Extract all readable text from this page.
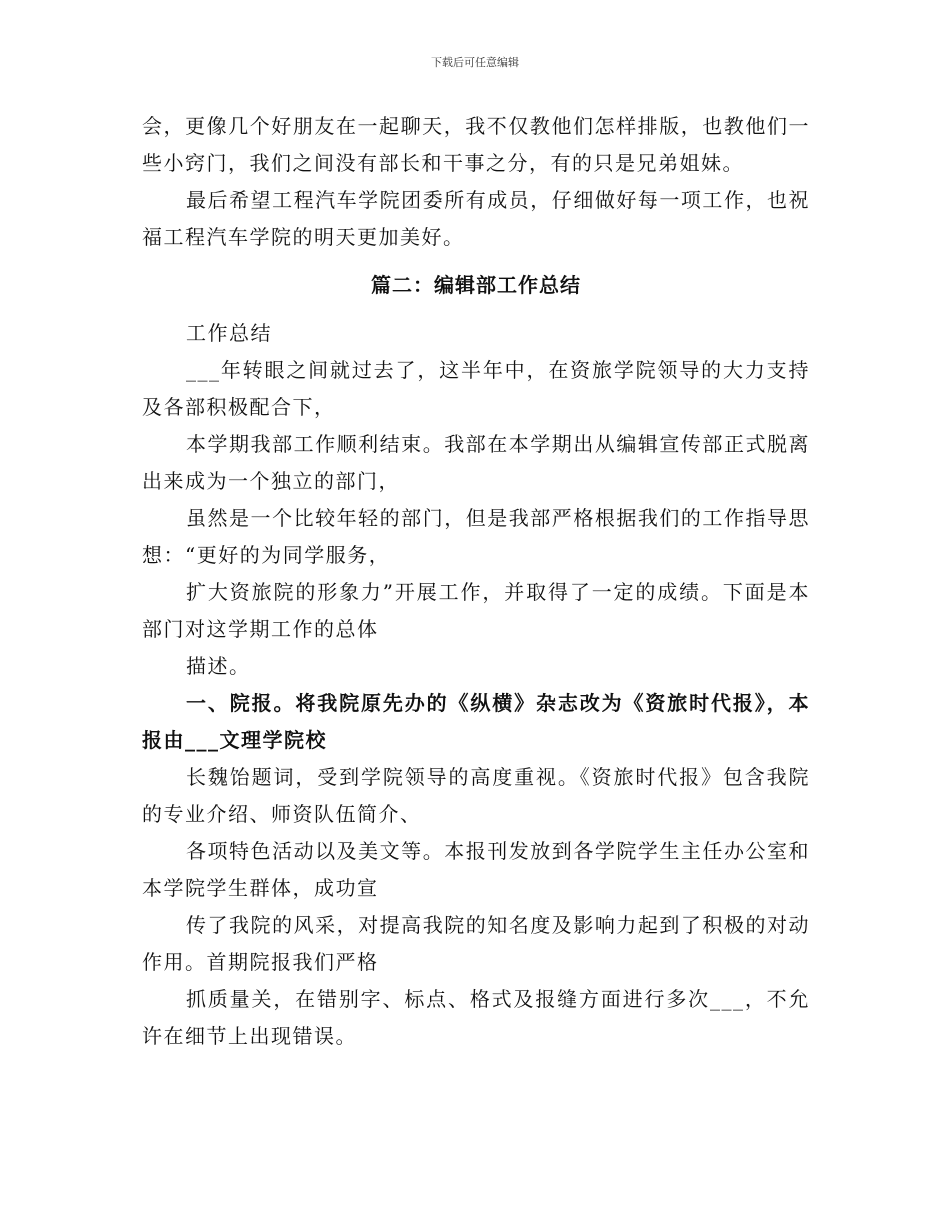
下载后可任意编辑

会，更像几个好朋友在一起聊天，我不仅教他们怎样排版，也教他们一些小窍门，我们之间没有部长和干事之分，有的只是兄弟姐妹。

最后希望工程汽车学院团委所有成员，仔细做好每一项工作，也祝福工程汽车学院的明天更加美好。

篇二：编辑部工作总结

工作总结

___年转眼之间就过去了，这半年中，在资旅学院领导的大力支持及各部积极配合下，

本学期我部工作顺利结束。我部在本学期出从编辑宣传部正式脱离出来成为一个独立的部门，

虽然是一个比较年轻的部门，但是我部严格根据我们的工作指导思想：“更好的为同学服务，

扩大资旅院的形象力”开展工作，并取得了一定的成绩。下面是本部门对这学期工作的总体

描述。

一、院报。将我院原先办的《纵横》杂志改为《资旅时代报》，本报由___文理学院校

长魏饴题词，受到学院领导的高度重视。《资旅时代报》包含我院的专业介绍、师资队伍简介、

各项特色活动以及美文等。本报刊发放到各学院学生主任办公室和本学院学生群体，成功宣

传了我院的风采，对提高我院的知名度及影响力起到了积极的对动作用。首期院报我们严格

抓质量关，在错别字、标点、格式及报缝方面进行多次___，不允许在细节上出现错误。
